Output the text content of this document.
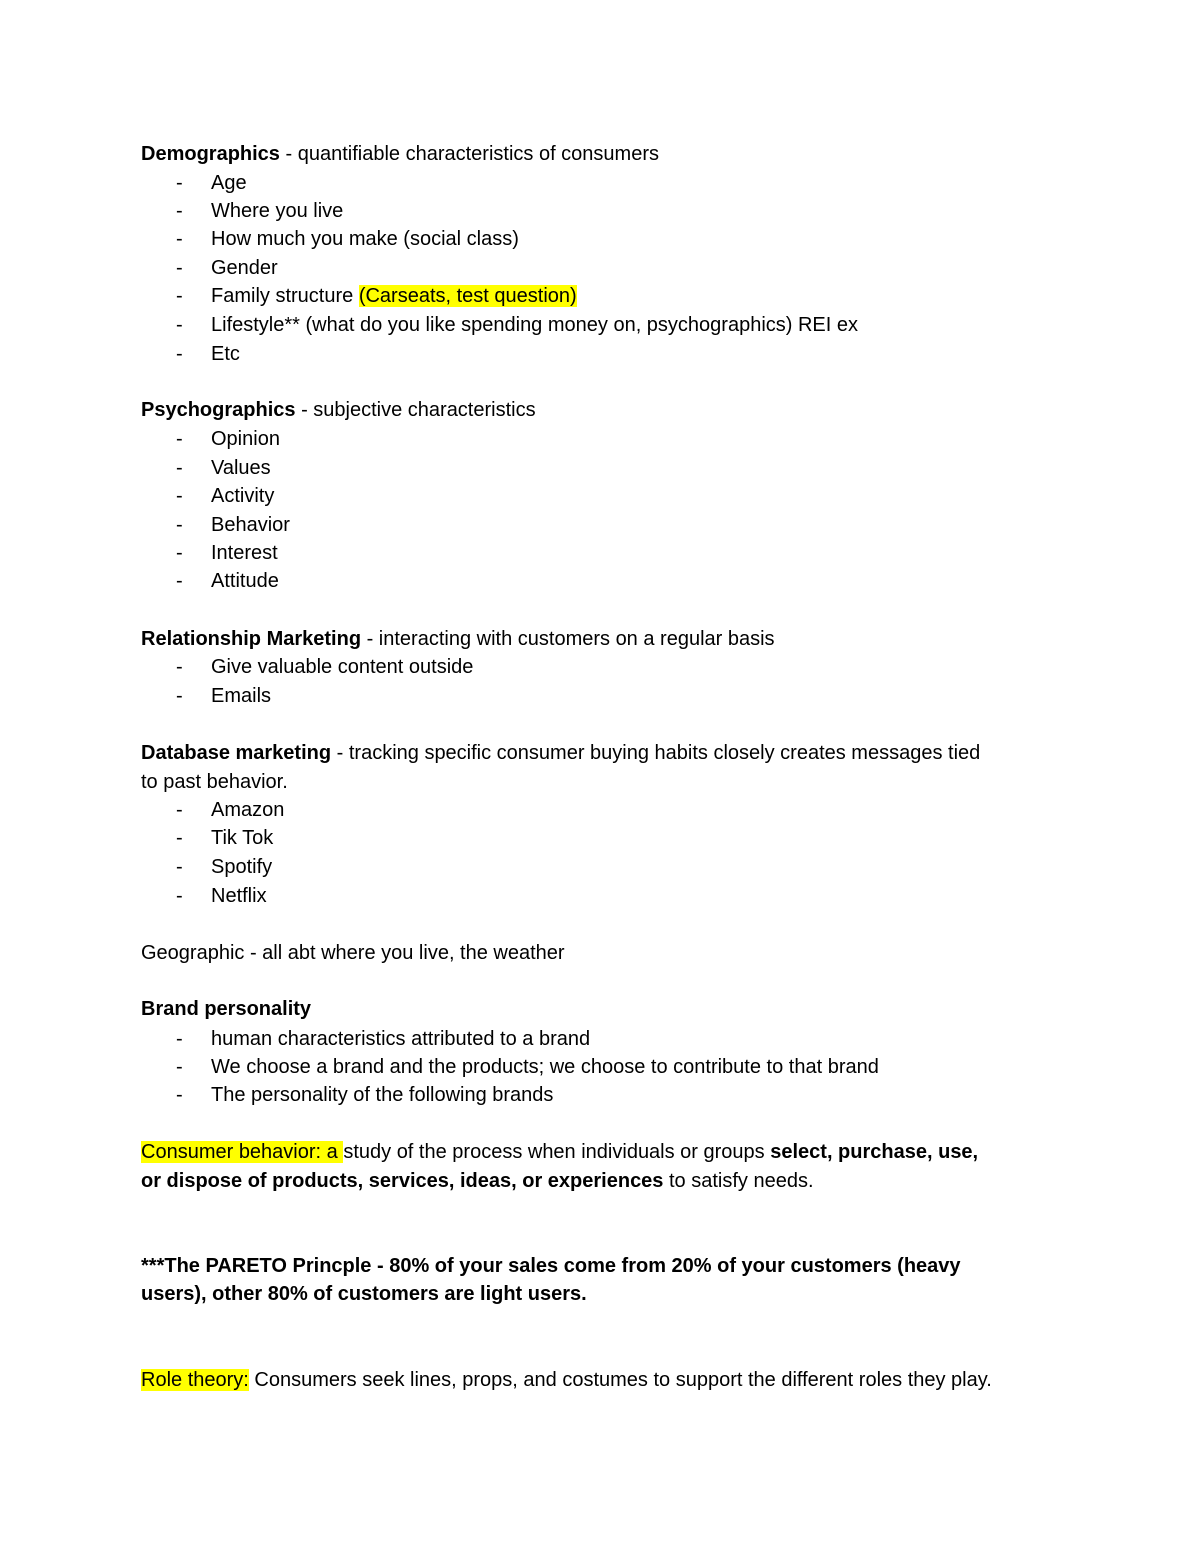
Demographics - quantifiable characteristics of consumers
- Age
- Where you live
- How much you make (social class)
- Gender
- Family structure (Carseats, test question)
- Lifestyle** (what do you like spending money on, psychographics) REI ex
- Etc
Psychographics - subjective characteristics
- Opinion
- Values
- Activity
- Behavior
- Interest
- Attitude
Relationship Marketing - interacting with customers on a regular basis
- Give valuable content outside
- Emails
Database marketing - tracking specific consumer buying habits closely creates messages tied
to past behavior.
- Amazon
- Tik Tok
- Spotify
- Netflix
Geographic - all abt where you live, the weather
Brand personality
- human characteristics attributed to a brand
- We choose a brand and the products; we choose to contribute to that brand
- The personality of the following brands
Consumer behavior: a study of the process when individuals or groups select, purchase, use,
or dispose of products, services, ideas, or experiences to satisfy needs.
***The PARETO Princple - 80% of your sales come from 20% of your customers (heavy
users), other 80% of customers are light users.
Role theory: Consumers seek lines, props, and costumes to support the different roles they play.
